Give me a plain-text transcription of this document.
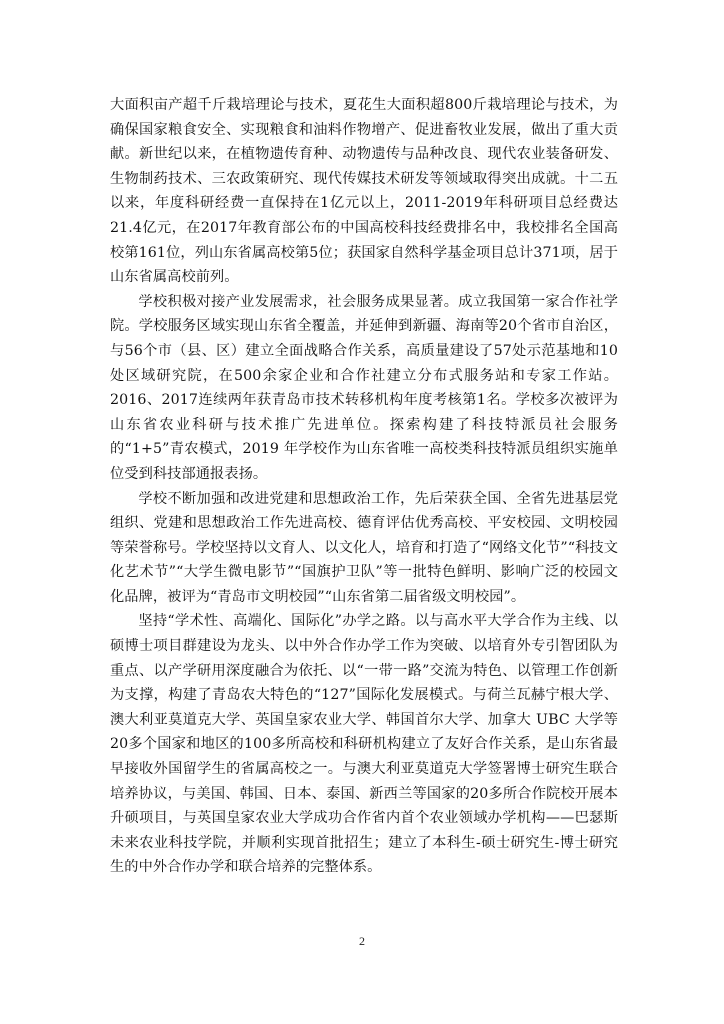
大面积亩产超千斤栽培理论与技术，夏花生大面积超800斤栽培理论与技术，为确保国家粮食安全、实现粮食和油料作物增产、促进畜牧业发展，做出了重大贡献。新世纪以来，在植物遗传育种、动物遗传与品种改良、现代农业装备研发、生物制药技术、三农政策研究、现代传媒技术研发等领域取得突出成就。十二五以来，年度科研经费一直保持在1亿元以上，2011-2019年科研项目总经费达21.4亿元，在2017年教育部公布的中国高校科技经费排名中，我校排名全国高校第161位，列山东省属高校第5位；获国家自然科学基金项目总计371项，居于山东省属高校前列。

学校积极对接产业发展需求，社会服务成果显著。成立我国第一家合作社学院。学校服务区域实现山东省全覆盖，并延伸到新疆、海南等20个省市自治区，与56个市（县、区）建立全面战略合作关系，高质量建设了57处示范基地和10处区域研究院，在500余家企业和合作社建立分布式服务站和专家工作站。 2016、2017连续两年获青岛市技术转移机构年度考核第1名。学校多次被评为山东省农业科研与技术推广先进单位。探索构建了科技特派员社会服务的“1+5”青农模式，2019 年学校作为山东省唯一高校类科技特派员组织实施单位受到科技部通报表扬。

学校不断加强和改进党建和思想政治工作，先后荣获全国、全省先进基层党组织、党建和思想政治工作先进高校、德育评估优秀高校、平安校园、文明校园等荣誉称号。学校坚持以文育人、以文化人，培育和打造了“网络文化节”“科技文化艺术节”“大学生微电影节”“国旗护卫队”等一批特色鲜明、影响广泛的校园文化品牌，被评为“青岛市文明校园”“山东省第二届省级文明校园”。

坚持“学术性、高端化、国际化”办学之路。以与高水平大学合作为主线、以硕博士项目群建设为龙头、以中外合作办学工作为突破、以培育外专引智团队为重点、以产学研用深度融合为依托、以“一带一路”交流为特色、以管理工作创新为支撑，构建了青岛农大特色的“127”国际化发展模式。与荷兰瓦赫宁根大学、澳大利亚莫道克大学、英国皇家农业大学、韩国首尔大学、加拿大 UBC 大学等20多个国家和地区的100多所高校和科研机构建立了友好合作关系，是山东省最早接收外国留学生的省属高校之一。与澳大利亚莫道克大学签署博士研究生联合培养协议，与美国、韩国、日本、泰国、新西兰等国家的20多所合作院校开展本升硕项目，与英国皇家农业大学成功合作省内首个农业领域办学机构——巴瑟斯未来农业科技学院，并顺利实现首批招生；建立了本科生-硕士研究生-博士研究生的中外合作办学和联合培养的完整体系。

2
